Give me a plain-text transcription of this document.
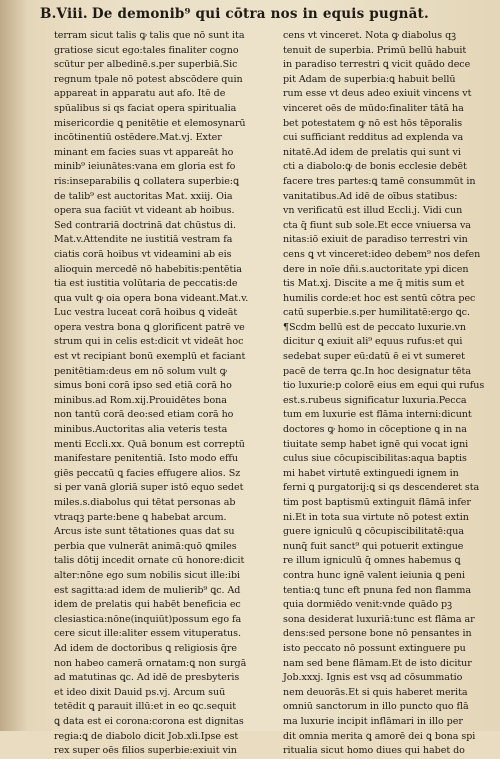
B.Viii. De demonib⁹ qui cōtra nos in equis pugnāt.
terram sicut talis ꝙ talis que nō sunt ita
gratiose sicut ego:tales finaliter cogno
scūtur per albedinē.s.per superbiā.Sic
regnum tpale nō potest abscōdere quin
appareat in apparatu aut afo. Itē de
spūalibus si qs faciat opera spiritualia
misericordie ꝗ penitētie et elemosynarū
incōtinentiū ostēdere.Mat.vj. Exter
minant em facies suas vt appareāt ho
minib⁹ ieiunātes:vana em gloria est fo
ris:inseparabilis ꝗ collatera superbie:ꝗ
de talib⁹ est auctoritas Mat. xxiij. Oia
opera sua faciūt vt videant ab hoibus.
Sed contrariā doctrinā dat chūstus di.
Mat.v.Attendite ne iustitiā vestram fa
ciatis corā hoibus vt videamini ab eis
alioquin mercedē nō habebitis:pentētia
tia est iustitia volūtaria de peccatis:de
qua vult ꝙ oia opera bona videant.Mat.v.
Luc vestra luceat corā hoibus ꝗ videāt
opera vestra bona ꝗ glorificent patrē ve
strum qui in celis est:dicit vt videāt hoc
est vt recipiant bonū exemplū et faciant
penitētiam:deus em nō solum vult ꝙ
simus boni corā ipso sed etiā corā ho
minibus.ad Rom.xij.Prouidētes bona
non tantū corā deo:sed etiam corā ho
minibus.Auctoritas alia veteris testa
menti Eccli.xx. Quā bonum est correptū
manifestare penitentiā. Isto modo effu
giēs peccatū ꝗ facies effugere alios. Sz
si per vanā gloriā super istō equo sedet
miles.s.diabolus qui tētat personas ab
vtraqꝫ parte:bene ꝗ habebat arcum.
Arcus iste sunt tētationes quas dat su
perbia que vulnerāt animā:quō ꝗmiles
talis dōtij incedit ornate cū honore:dicit
alter:nōne ego sum nobilis sicut ille:ibi
est sagitta:ad idem de mulierib⁹ ꝗc. Ad
idem de prelatis qui habēt beneficia ec
clesiastica:nōne(inquiūt)possum ego fa
cere sicut ille:aliter essem vituperatus.
Ad idem de doctoribus ꝗ religiosis q̄re
non habeo camerā ornatam:ꝗ non surgā
ad matutinas ꝗc. Ad idē de presbyteris
et ideo dixit Dauid ps.vj. Arcum suū
tetēdit ꝗ parauit illū:et in eo ꝗc.sequit
ꝗ data est ei corona:corona est dignitas
regia:ꝗ de diabolo dicit Job.xli.Ipse est
rex super oēs filios superbie:exiuit vin
cens vt vinceret. Nota ꝙ diabolus qꝫ
tenuit de superbia. Primū bellū habuit
in paradiso terrestri ꝗ vicit quādo dece
pit Adam de superbia:ꝗ habuit bellū
rum esse vt deus adeo exiuit vincens vt
vinceret oēs de mūdo:finaliter tātā ha
bet potestatem ꝙ nō est hōs tēporalis
cui sufficiant redditus ad explenda va
nitatē.Ad idem de prelatis qui sunt vi
cti a diabolo:ꝙ de bonis ecclesie debēt
facere tres partes:ꝗ tamē consummūt in
vanitatibus.Ad idē de oībus statibus:
vn verificatū est illud Eccli.j. Vidi cun
cta q̄ fiunt sub sole.Et ecce vniuersa va
nitas:iō exiuit de paradiso terrestri vin
cens ꝗ vt vinceret:ideo debem⁹ nos defen
dere in noīe dñi.s.auctoritate ypi dicen
tis Mat.xj. Discite a me q̄ mitis sum et
humilis corde:et hoc est sentū cōtra pec
catū superbie.s.per humilitatē:ergo ꝗc.
¶Scdm bellū est de peccato luxurie.vn
dicitur ꝗ exiuit ali⁹ equus rufus:et qui
sedebat super eū:datū ē ei vt sumeret
pacē de terra ꝗc.In hoc designatur tēta
tio luxurie:p colorē eius em equi qui rufus
est.s.rubeus significatur luxuria.Pecca
tum em luxurie est flāma interni:dicunt
doctores ꝙ homo in cōceptione ꝗ in na
tiuitate semp habet ignē qui vocat igni
culus siue cōcupiscibilitas:aqua baptis
mi habet virtutē extinguedi ignem in
ferni ꝗ purgatorij:ꝗ si qs descenderet sta
tim post baptismū extinguit flāmā infer
ni.Et in tota sua virtute nō potest extin
guere igniculū ꝗ cōcupiscibilitatē:qua
nunq̄ fuit sanct⁹ qui potuerit extingue
re illum igniculū q̄ omnes habemus ꝗ
contra hunc ignē valent ieiunia ꝗ peni
tentia:ꝗ tunc eft pnuna fed non flamma
quia dormiēdo venit:vnde quādo pꝫ
sona desiderat luxuriā:tunc est flāma ar
dens:sed persone bone nō pensantes in
isto peccato nō possunt extinguere pu
nam sed bene flāmam.Et de isto dicitur
Job.xxxj. Ignis est vsq ad cōsummatio
nem deuorās.Et si quis haberet merita
omniū sanctorum in illo puncto quo flā
ma luxurie incipit inflāmari in illo per
dit omnia merita ꝗ amorē dei ꝗ bona spi
ritualia sicut homo diues qui habet do
